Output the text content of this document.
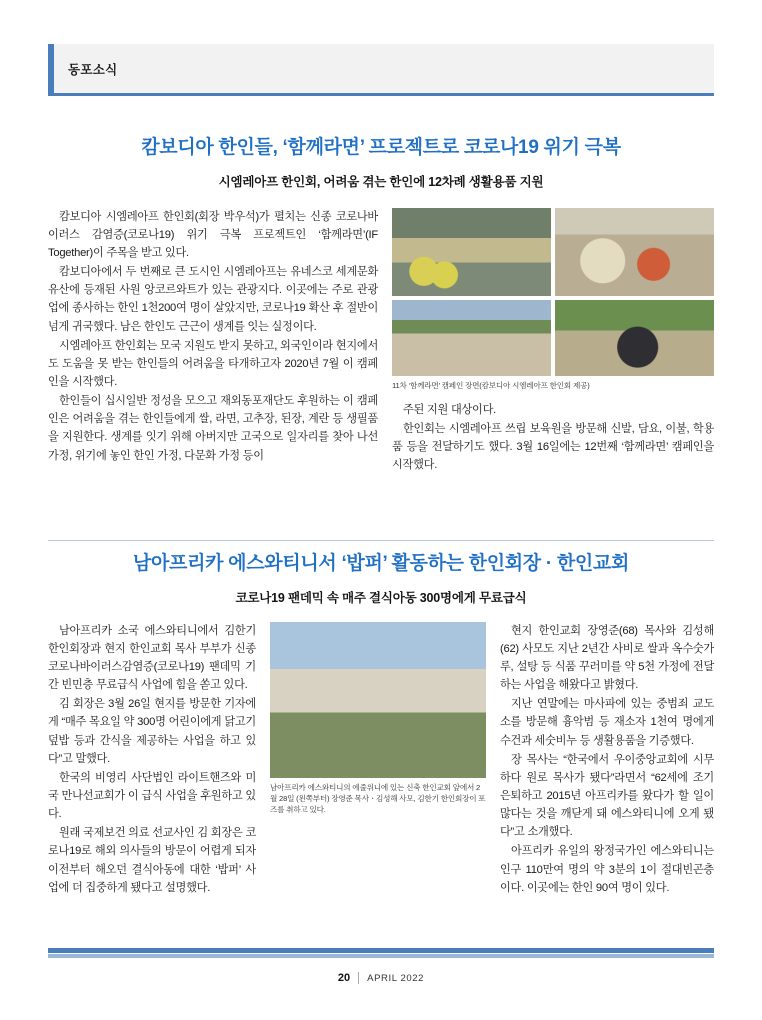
동포소식
캄보디아 한인들, ‘함께라면’ 프로젝트로 코로나19 위기 극복
시엠레아프 한인회, 어려움 겪는 한인에 12차례 생활용품 지원

캄보디아 시엠레아프 한인회(회장 박우석)가 펼치는 신종 코로나바이러스 감염증(코로나19) 위기 극복 프로젝트인 ‘함께라면’(IF Together)이 주목을 받고 있다.

캄보디아에서 두 번째로 큰 도시인 시엠레아프는 유네스코 세계문화유산에 등재된 사원 앙코르와트가 있는 관광지다. 이곳에는 주로 관광업에 종사하는 한인 1천200여 명이 살았지만, 코로나19 확산 후 절반이 넘게 귀국했다. 남은 한인도 근근이 생계를 잇는 실정이다.

시엠레아프 한인회는 모국 지원도 받지 못하고, 외국인이라 현지에서도 도움을 못 받는 한인들의 어려움을 타개하고자 2020년 7월 이 캠페인을 시작했다.

한인들이 십시일반 정성을 모으고 재외동포재단도 후원하는 이 캠페인은 어려움을 겪는 한인들에게 쌀, 라면, 고추장, 된장, 계란 등 생필품을 지원한다. 생계를 잇기 위해 아버지만 고국으로 일자리를 찾아 나선 가정, 위기에 놓인 한인 가정, 다문화 가정 등이

11차 ‘함께라면’ 캠페인 장면(캄보디아 시엠레아프 한인회 제공)

주된 지원 대상이다.

한인회는 시엠레아프 쓰립 보육원을 방문해 신발, 담요, 이불, 학용품 등을 전달하기도 했다. 3월 16일에는 12번째 ‘함께라면’ 캠페인을 시작했다.

남아프리카 에스와티니서 ‘밥퍼’ 활동하는 한인회장 · 한인교회
코로나19 팬데믹 속 매주 결식아동 300명에게 무료급식

남아프리카 소국 에스와티니에서 김한기 한인회장과 현지 한인교회 목사 부부가 신종코로나바이러스감염증(코로나19) 팬데믹 기간 빈민층 무료급식 사업에 힘을 쏟고 있다.

김 회장은 3월 26일 현지를 방문한 기자에게 “매주 목요일 약 300명 어린이에게 닭고기덮밥 등과 간식을 제공하는 사업을 하고 있다”고 말했다.

한국의 비영리 사단법인 라이트핸즈와 미국 만나선교회가 이 급식 사업을 후원하고 있다.

원래 국제보건 의료 선교사인 김 회장은 코로나19로 해외 의사들의 방문이 어렵게 되자 이전부터 해오던 결식아동에 대한 ‘밥퍼’ 사업에 더 집중하게 됐다고 설명했다.

남아프리카 에스와티니의 에줄위니에 있는 신축 한인교회 앞에서 2월 28일 (왼쪽부터) 장영준 목사ㆍ김성해 사모, 김한기 한인회장이 포즈를 취하고 있다.

현지 한인교회 장영준(68) 목사와 김성해(62) 사모도 지난 2년간 사비로 쌀과 옥수숫가루, 설탕 등 식품 꾸러미를 약 5천 가정에 전달하는 사업을 해왔다고 밝혔다.

지난 연말에는 마사파에 있는 중범죄 교도소를 방문해 흉악범 등 재소자 1천여 명에게 수건과 세숫비누 등 생활용품을 기증했다.

장 목사는 “한국에서 우이중앙교회에 시무하다 원로 목사가 됐다”라면서 “62세에 조기 은퇴하고 2015년 아프리카를 왔다가 할 일이 많다는 것을 깨닫게 돼 에스와티니에 오게 됐다”고 소개했다.

아프리카 유일의 왕정국가인 에스와티니는 인구 110만여 명의 약 3분의 1이 절대빈곤층이다. 이곳에는 한인 90여 명이 있다.

20 APRIL 2022
